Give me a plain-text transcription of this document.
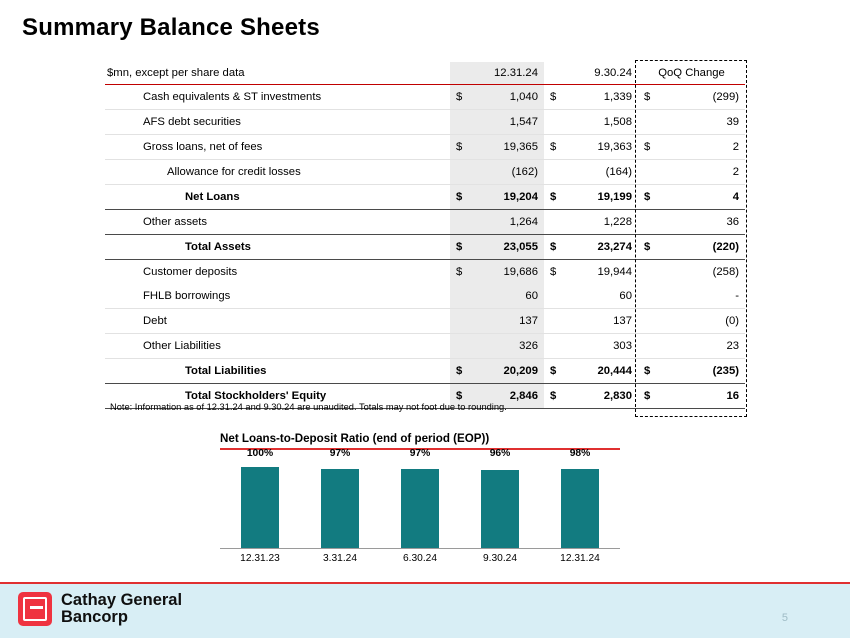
Summary Balance Sheets
$mn, except per share data		12.31.24		9.30.24	QoQ Change	
Cash equivalents & ST investments	$	1,040	$	1,339	$	(299)
AFS debt securities		1,547		1,508		39
Gross loans, net of fees	$	19,365	$	19,363	$	2
Allowance for credit losses		(162)		(164)		2
Net Loans	$	19,204	$	19,199	$	4
Other assets		1,264		1,228		36
Total Assets	$	23,055	$	23,274	$	(220)
Customer deposits	$	19,686	$	19,944		(258)
FHLB borrowings		60		60		-
Debt		137		137		(0)
Other Liabilities		326		303		23
Total Liabilities	$	20,209	$	20,444	$	(235)
Total Stockholders' Equity	$	2,846	$	2,830	$	16
Note: Information as of 12.31.24 and 9.30.24 are unaudited. Totals may not foot due to rounding.
Net Loans-to-Deposit Ratio (end of period (EOP))
100%	97%	97%	96%	98%
12.31.23	3.31.24	6.30.24	9.30.24	12.31.24
Cathay General
Bancorp	5
